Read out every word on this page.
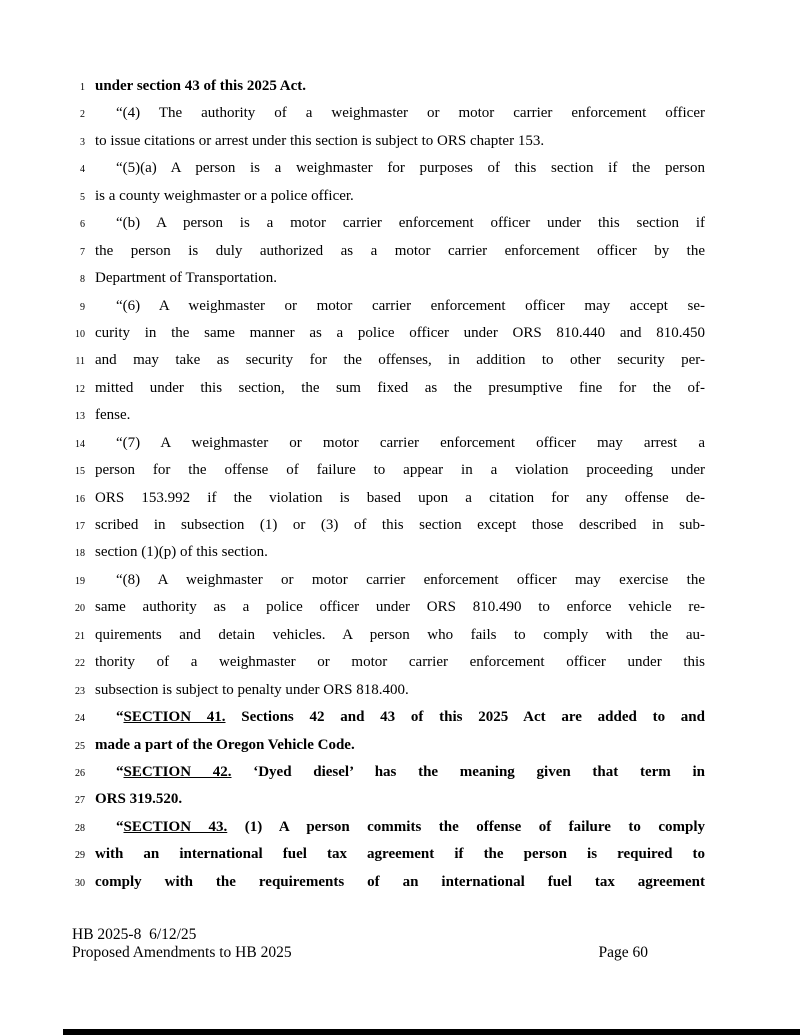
1 under section 43 of this 2025 Act.
2	“(4) The authority of a weighmaster or motor carrier enforcement officer
3 to issue citations or arrest under this section is subject to ORS chapter 153.
4	“(5)(a) A person is a weighmaster for purposes of this section if the person
5 is a county weighmaster or a police officer.
6	“(b) A person is a motor carrier enforcement officer under this section if
7 the person is duly authorized as a motor carrier enforcement officer by the
8 Department of Transportation.
9	“(6) A weighmaster or motor carrier enforcement officer may accept se-
10 curity in the same manner as a police officer under ORS 810.440 and 810.450
11 and may take as security for the offenses, in addition to other security per-
12 mitted under this section, the sum fixed as the presumptive fine for the of-
13 fense.
14	“(7) A weighmaster or motor carrier enforcement officer may arrest a
15 person for the offense of failure to appear in a violation proceeding under
16 ORS 153.992 if the violation is based upon a citation for any offense de-
17 scribed in subsection (1) or (3) of this section except those described in sub-
18 section (1)(p) of this section.
19	“(8) A weighmaster or motor carrier enforcement officer may exercise the
20 same authority as a police officer under ORS 810.490 to enforce vehicle re-
21 quirements and detain vehicles. A person who fails to comply with the au-
22 thority of a weighmaster or motor carrier enforcement officer under this
23 subsection is subject to penalty under ORS 818.400.
24	“SECTION 41. Sections 42 and 43 of this 2025 Act are added to and
25 made a part of the Oregon Vehicle Code.
26	“SECTION 42. ‘Dyed diesel’ has the meaning given that term in
27 ORS 319.520.
28	“SECTION 43. (1) A person commits the offense of failure to comply
29 with an international fuel tax agreement if the person is required to
30 comply with the requirements of an international fuel tax agreement
HB 2025-8  6/12/25
Proposed Amendments to HB 2025	Page 60
